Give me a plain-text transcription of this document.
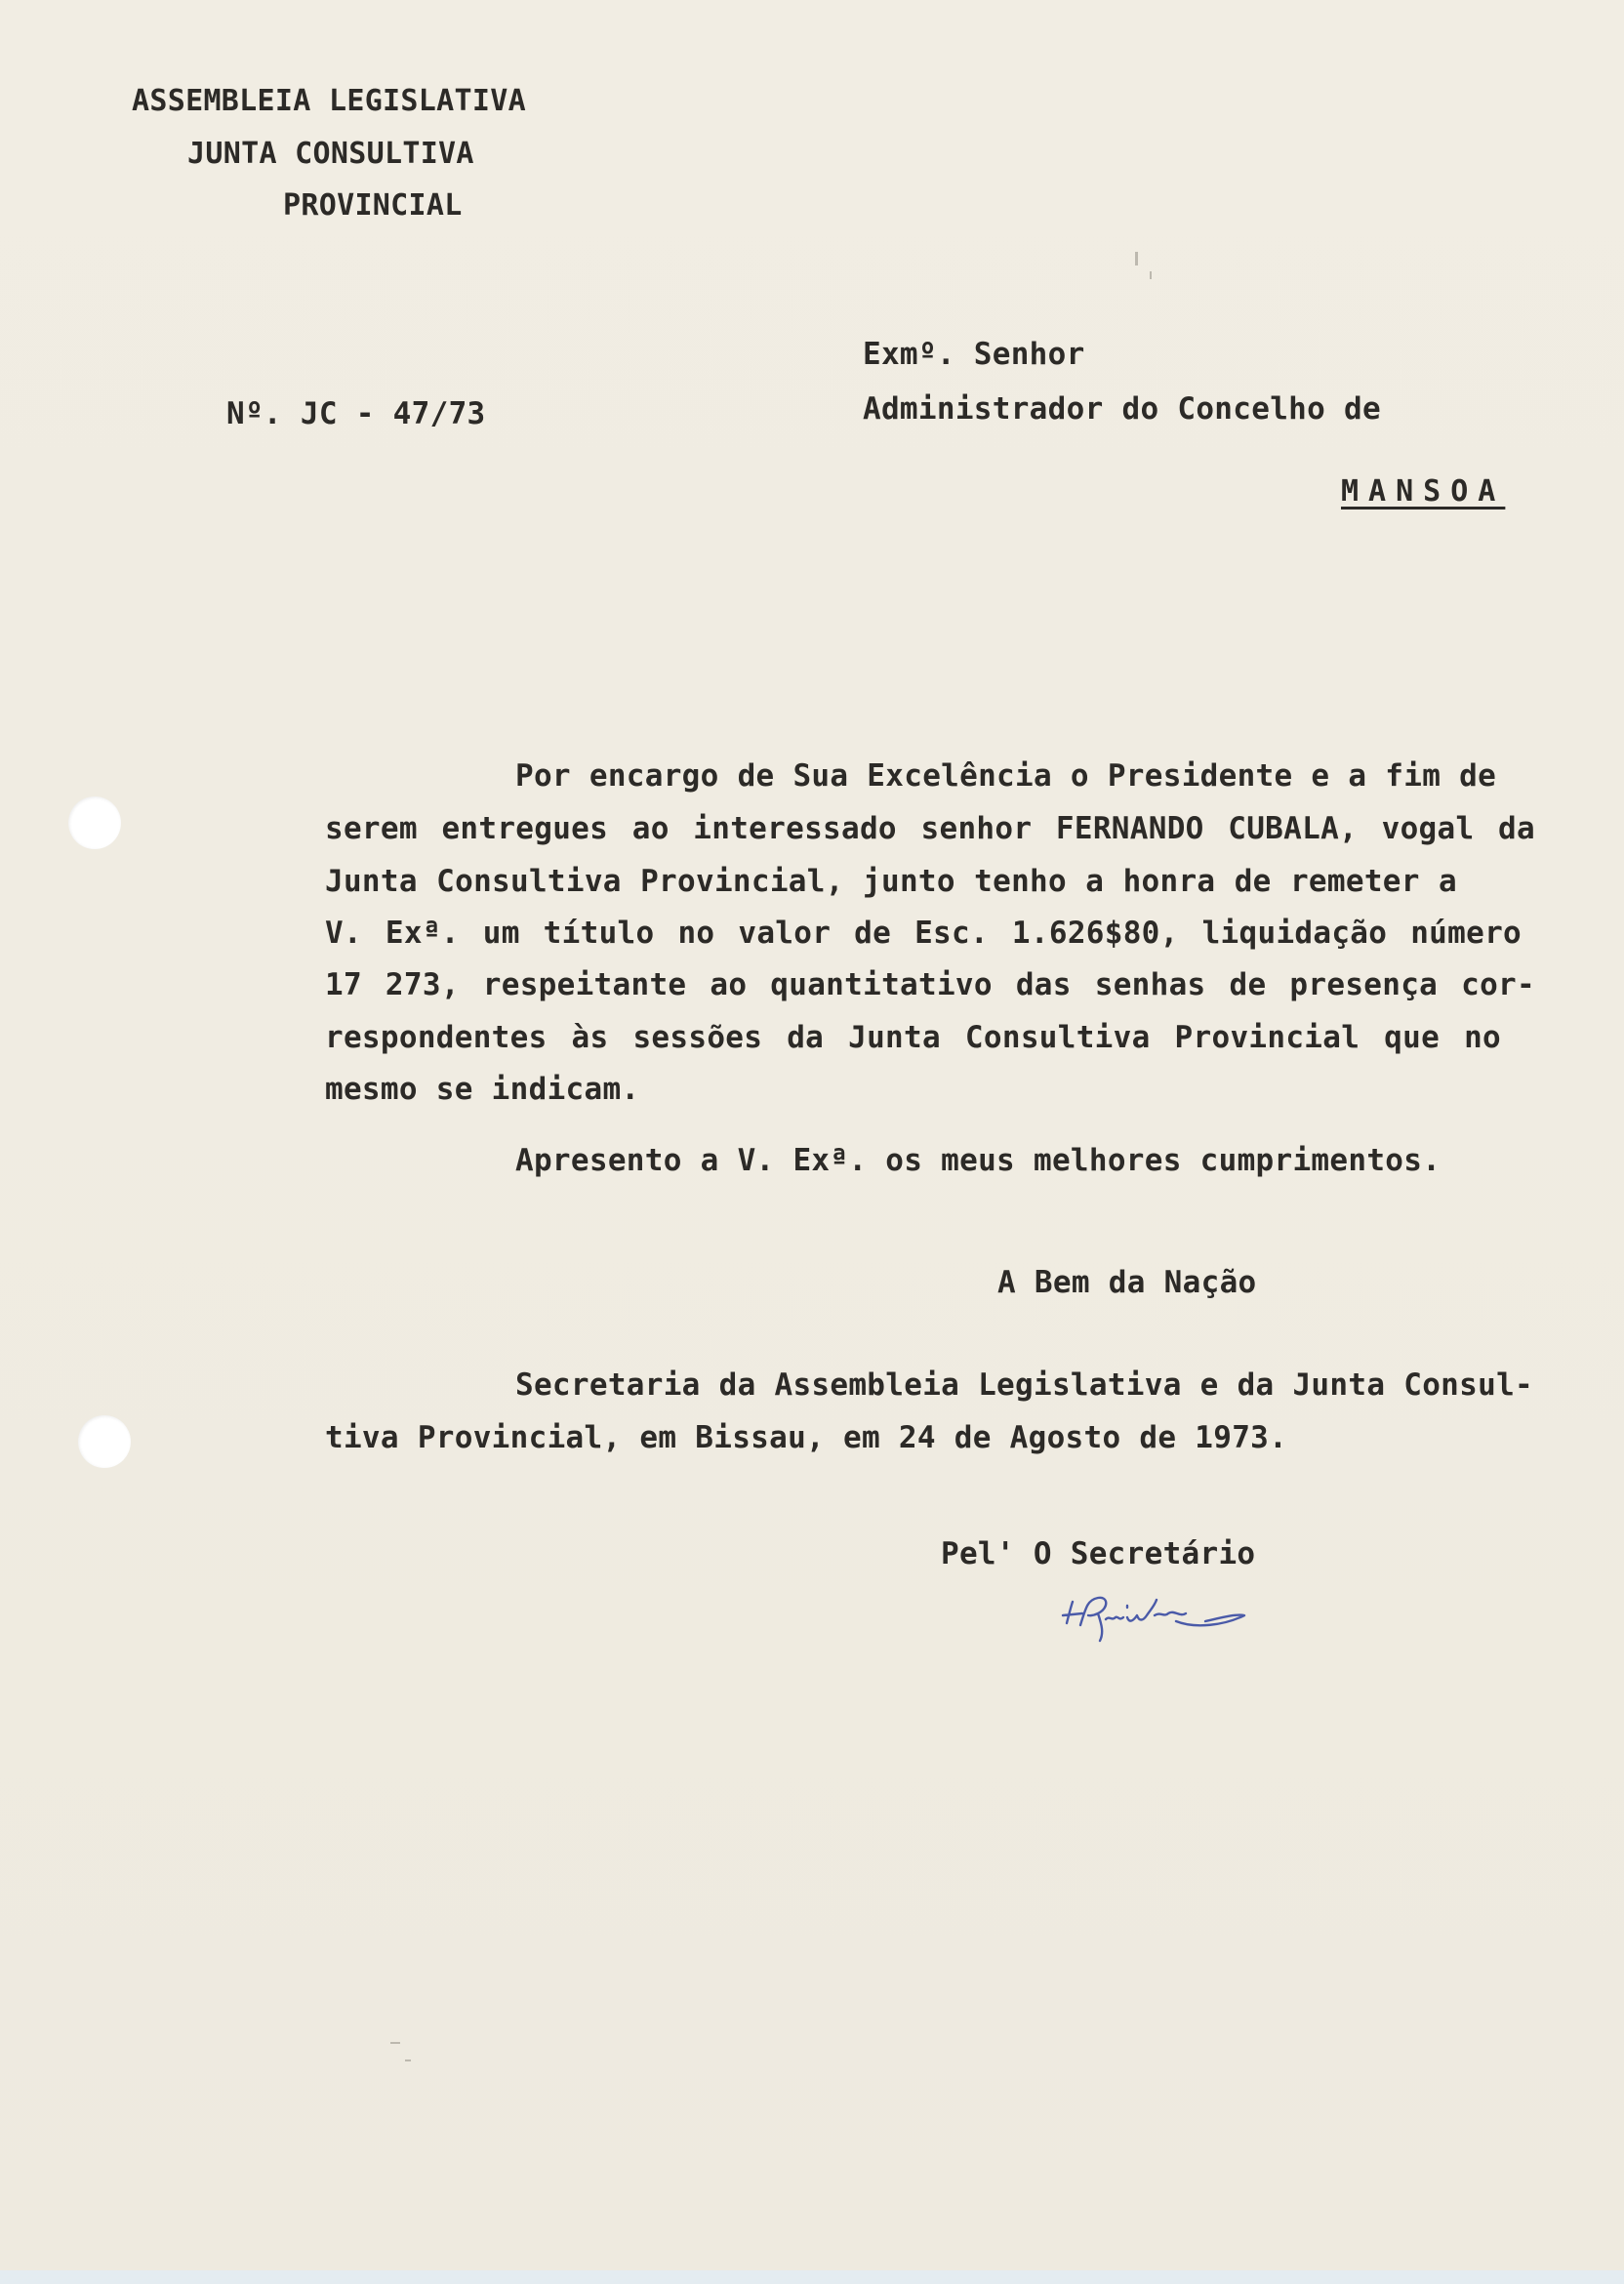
ASSEMBLEIA LEGISLATIVA
JUNTA CONSULTIVA
PROVINCIAL
Nº. JC - 47/73
Exmº. Senhor
Administrador do Concelho de
MANSOA
Por encargo de Sua Excelência o Presidente e a fim de
serem entregues ao interessado senhor FERNANDO CUBALA, vogal da
Junta Consultiva Provincial, junto tenho a honra de remeter a
V. Exª. um título no valor de Esc. 1.626$80, liquidação número
17 273, respeitante ao quantitativo das senhas de presença cor-
respondentes às sessões da Junta Consultiva Provincial que no
mesmo se indicam.
Apresento a V. Exª. os meus melhores cumprimentos.
A Bem da Nação
Secretaria da Assembleia Legislativa e da Junta Consul-
tiva Provincial, em Bissau, em 24 de Agosto de 1973.
Pel' O Secretário
